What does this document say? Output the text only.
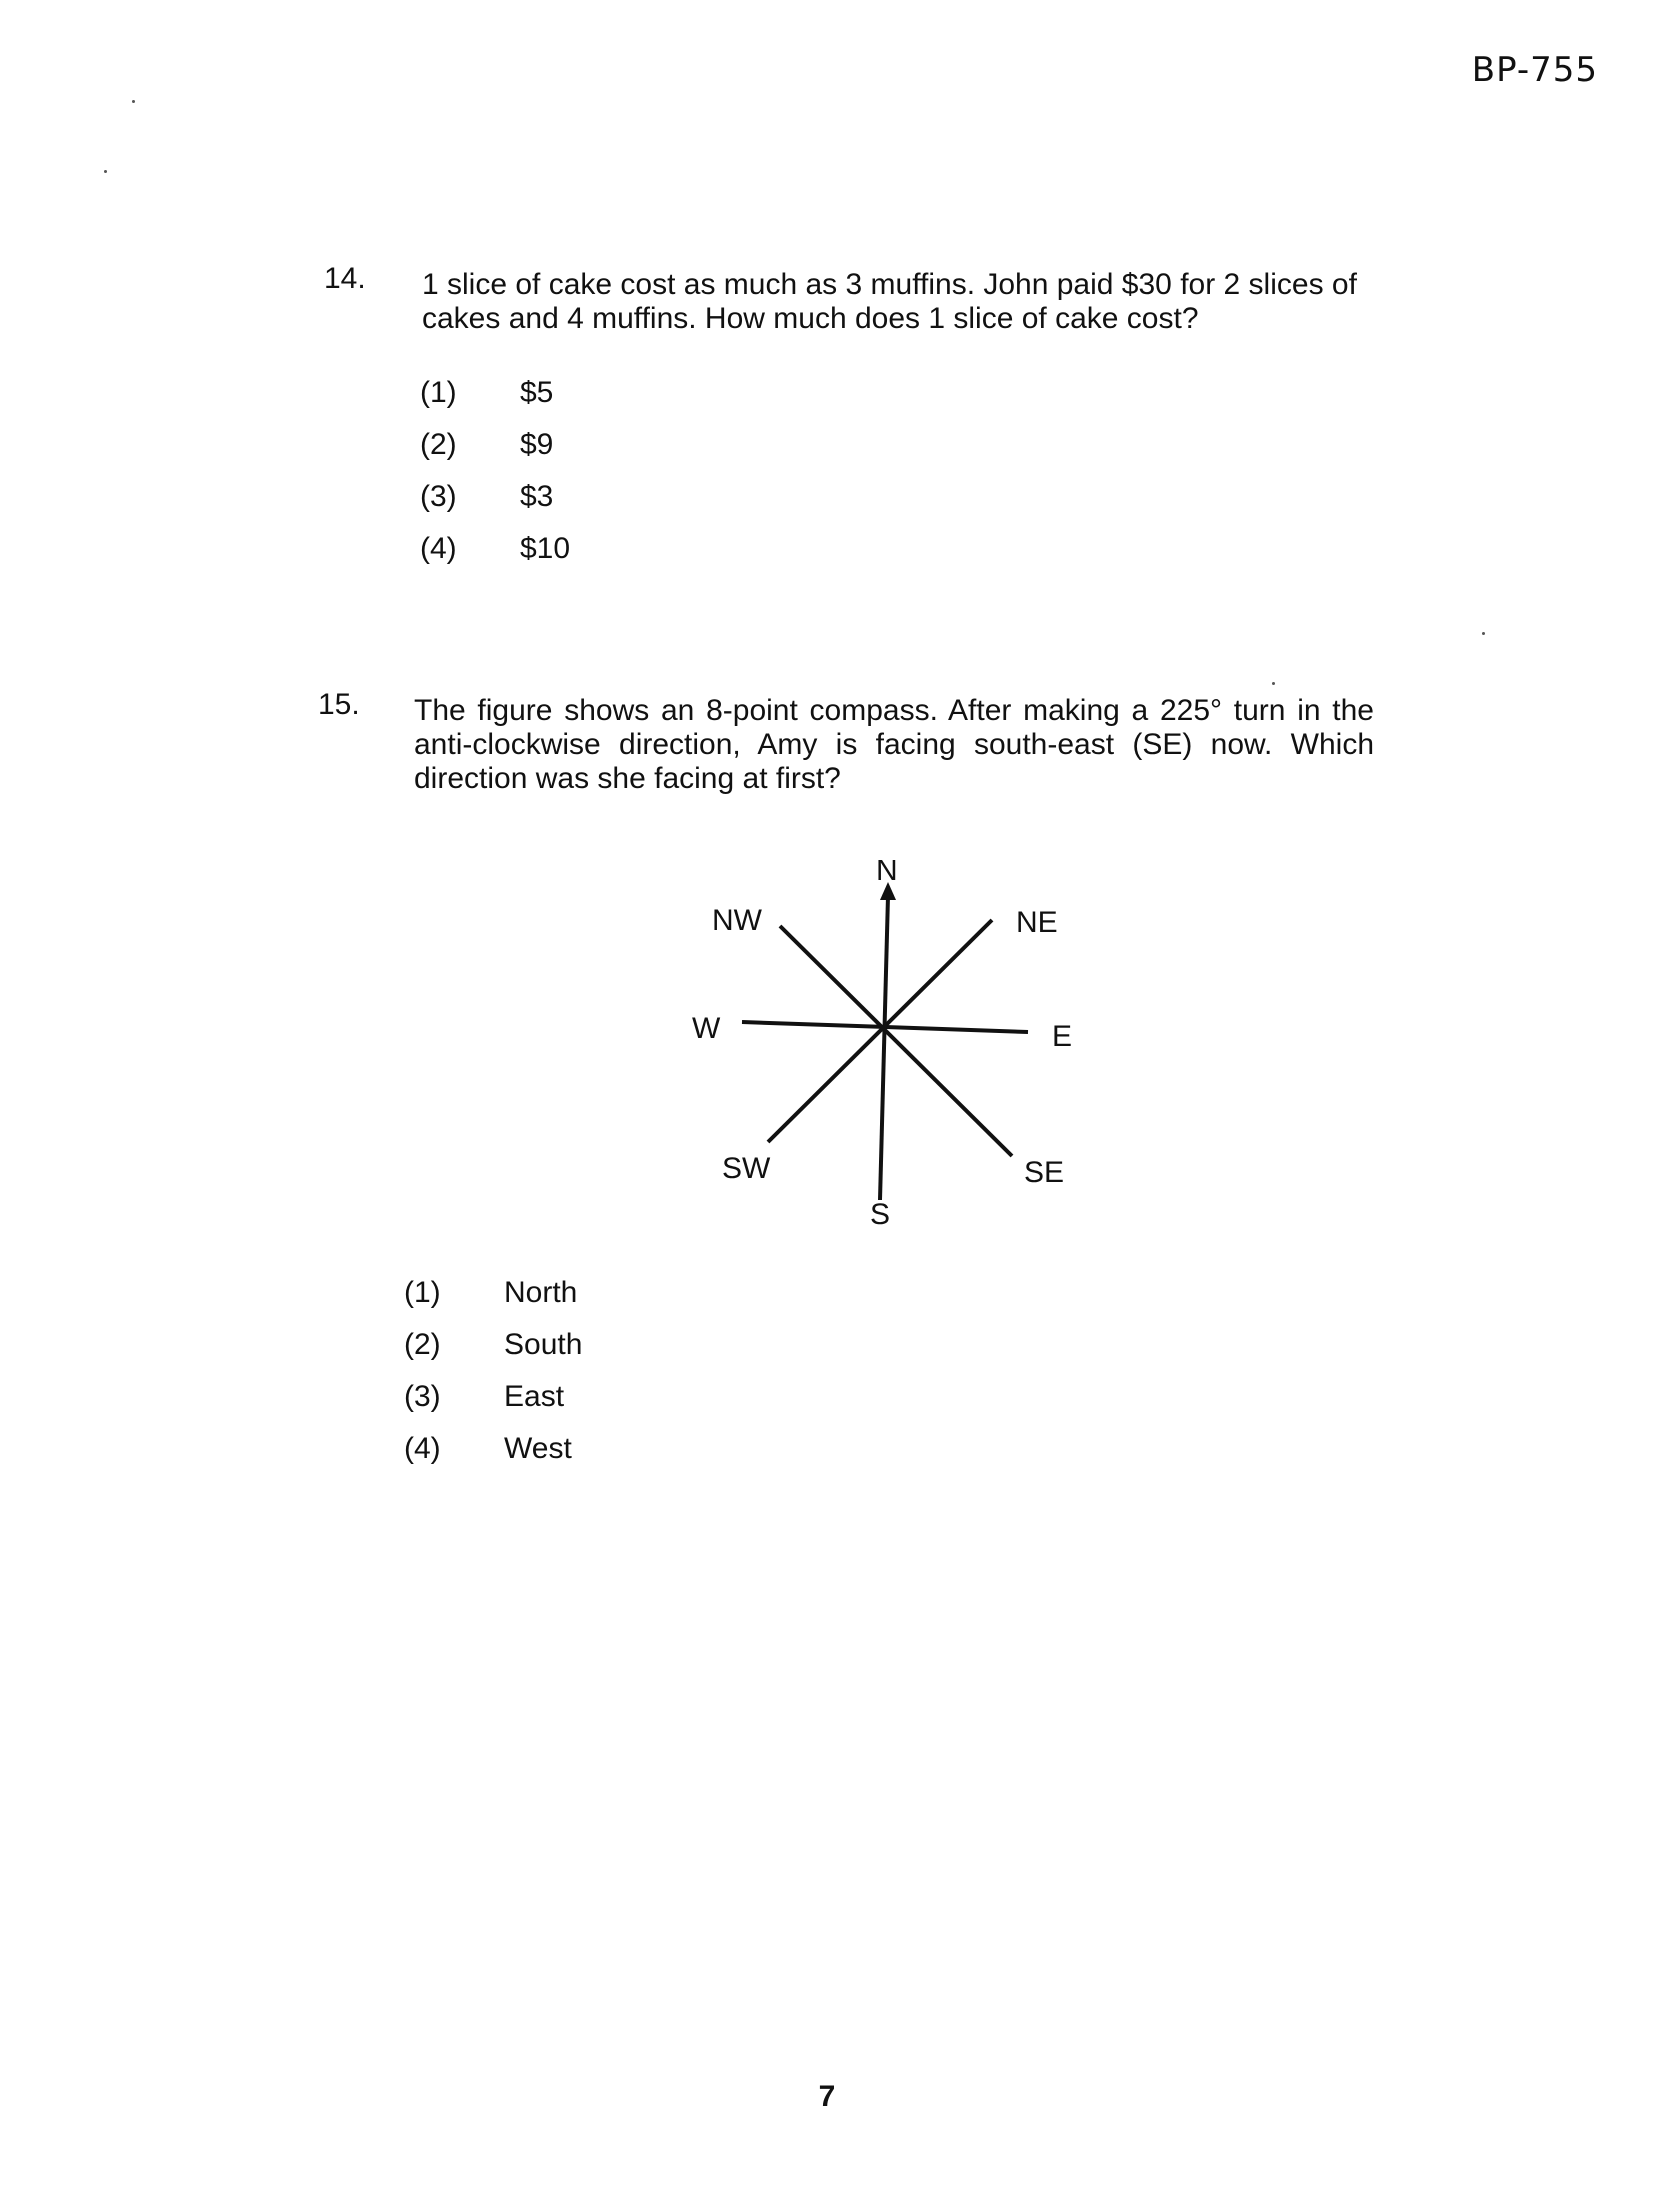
BP-755
14. 1 slice of cake cost as much as 3 muffins. John paid $30 for 2 slices of cakes and 4 muffins. How much does 1 slice of cake cost?
(1) $5
(2) $9
(3) $3
(4) $10
15. The figure shows an 8-point compass. After making a 225° turn in the anti-clockwise direction, Amy is facing south-east (SE) now. Which direction was she facing at first?
N
NE
E
SE
S
SW
W
NW
(1) North
(2) South
(3) East
(4) West
7
